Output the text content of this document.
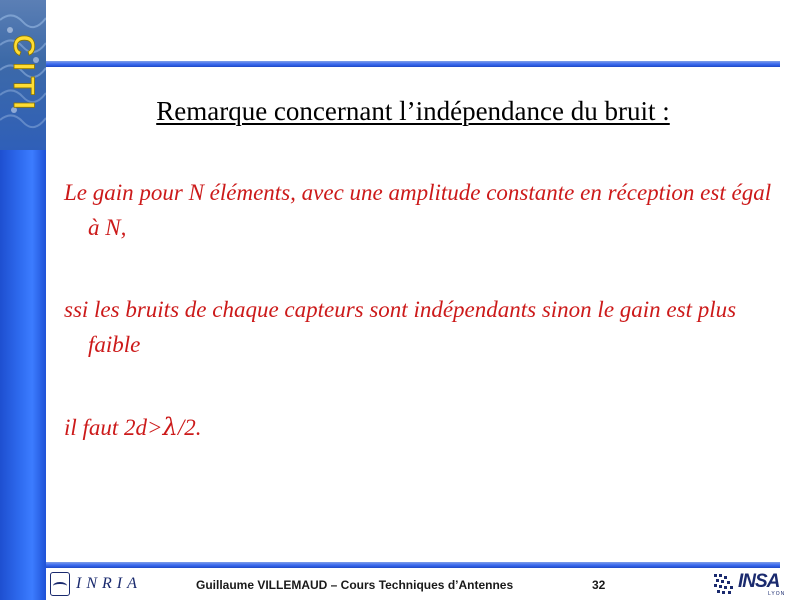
CITI	Remarque concernant l’indépendance du bruit :
Le gain pour N éléments, avec une amplitude constante en réception est égal à N,
ssi les bruits de chaque capteurs sont indépendants sinon le gain est plus faible
il faut 2d>λ/2.
INRIA	Guillaume VILLEMAUD – Cours Techniques d’Antennes	32	INSA
LYON
